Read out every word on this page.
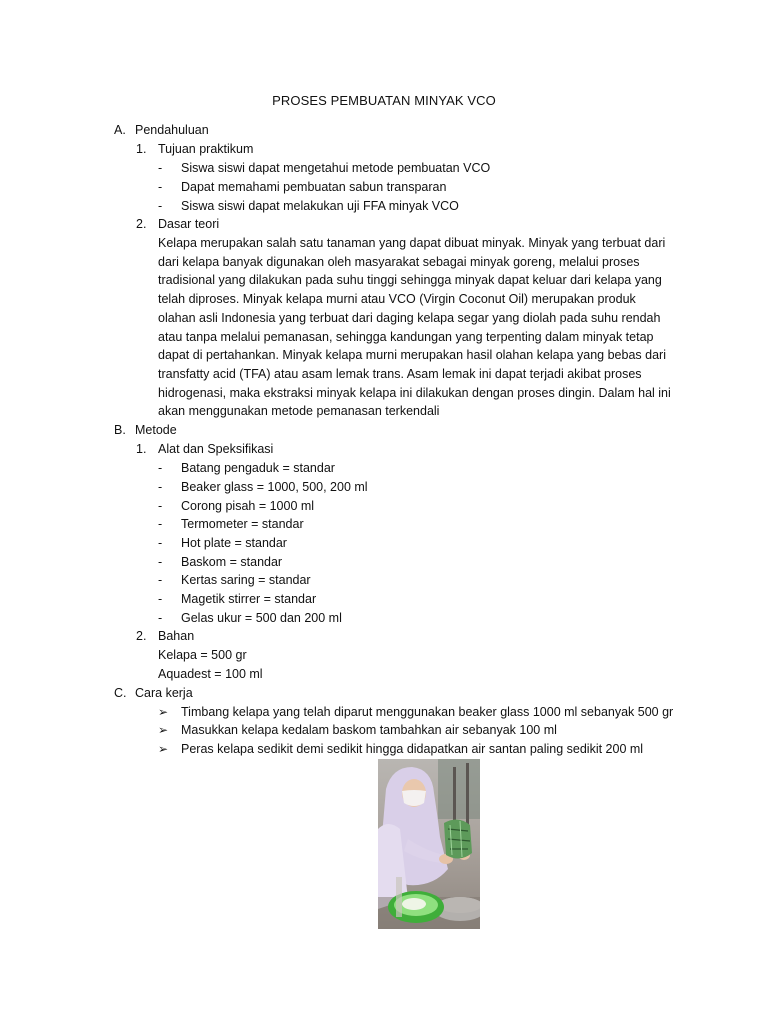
PROSES PEMBUATAN MINYAK VCO
A. Pendahuluan
1. Tujuan praktikum
- Siswa siswi dapat mengetahui metode pembuatan VCO
- Dapat memahami pembuatan sabun transparan
- Siswa siswi dapat melakukan uji FFA minyak VCO
2. Dasar teori
Kelapa merupakan salah satu tanaman yang dapat dibuat minyak. Minyak yang terbuat dari
dari kelapa banyak digunakan oleh masyarakat sebagai minyak goreng, melalui proses
tradisional yang dilakukan pada suhu tinggi sehingga minyak dapat keluar dari kelapa yang
telah diproses. Minyak kelapa murni atau VCO (Virgin Coconut Oil) merupakan produk
olahan asli Indonesia yang terbuat dari daging kelapa segar yang diolah pada suhu rendah
atau tanpa melalui pemanasan, sehingga kandungan yang terpenting dalam minyak tetap
dapat di pertahankan. Minyak kelapa murni merupakan hasil olahan kelapa yang bebas dari
transfatty acid (TFA) atau asam lemak trans. Asam lemak ini dapat terjadi akibat proses
hidrogenasi, maka ekstraksi minyak kelapa ini dilakukan dengan proses dingin. Dalam hal ini
akan menggunakan metode pemanasan terkendali
B. Metode
1. Alat dan Speksifikasi
- Batang pengaduk = standar
- Beaker glass = 1000, 500, 200 ml
- Corong pisah = 1000 ml
- Termometer = standar
- Hot plate = standar
- Baskom = standar
- Kertas saring = standar
- Magetik stirrer = standar
- Gelas ukur = 500 dan 200 ml
2. Bahan
Kelapa = 500 gr
Aquadest = 100 ml
C. Cara kerja
➢ Timbang kelapa yang telah diparut menggunakan beaker glass 1000 ml sebanyak 500 gr
➢ Masukkan kelapa kedalam baskom tambahkan air sebanyak 100 ml
➢ Peras kelapa sedikit demi sedikit hingga didapatkan air santan paling sedikit 200 ml
